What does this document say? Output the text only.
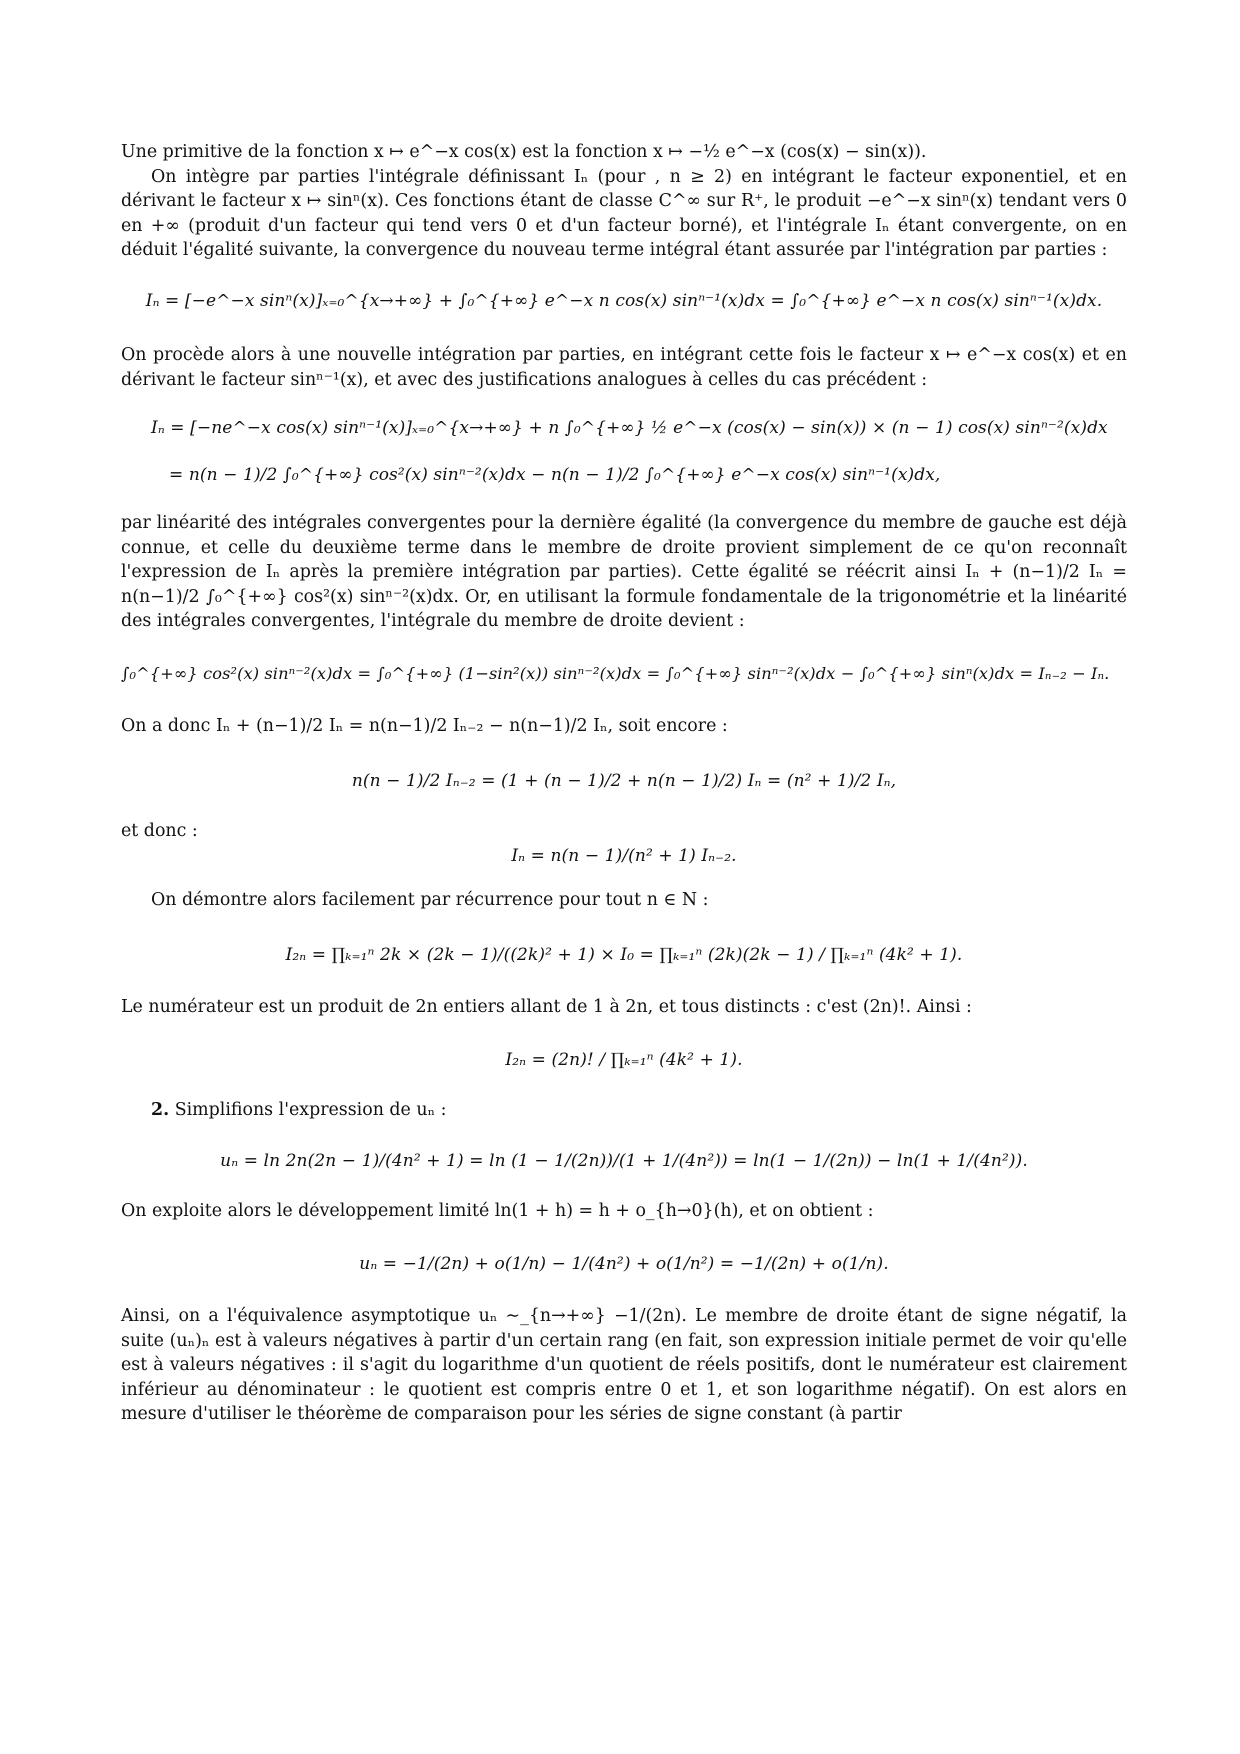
Une primitive de la fonction x ↦ e^−x cos(x) est la fonction x ↦ −½ e^−x (cos(x) − sin(x)).

On intègre par parties l'intégrale définissant Iₙ (pour , n ≥ 2) en intégrant le facteur exponentiel, et en dérivant le facteur x ↦ sinⁿ(x). Ces fonctions étant de classe C^∞ sur R⁺, le produit −e^−x sinⁿ(x) tendant vers 0 en +∞ (produit d'un facteur qui tend vers 0 et d'un facteur borné), et l'intégrale Iₙ étant convergente, on en déduit l'égalité suivante, la convergence du nouveau terme intégral étant assurée par l'intégration par parties :

Iₙ = [−e^−x sinⁿ(x)]ₓ₌₀^{x→+∞} + ∫₀^{+∞} e^−x n cos(x) sinⁿ⁻¹(x)dx = ∫₀^{+∞} e^−x n cos(x) sinⁿ⁻¹(x)dx.

On procède alors à une nouvelle intégration par parties, en intégrant cette fois le facteur x ↦ e^−x cos(x) et en dérivant le facteur sinⁿ⁻¹(x), et avec des justifications analogues à celles du cas précédent :

Iₙ = [−ne^−x cos(x) sinⁿ⁻¹(x)]ₓ₌₀^{x→+∞} + n ∫₀^{+∞} ½ e^−x (cos(x) − sin(x)) × (n − 1) cos(x) sinⁿ⁻²(x)dx
= n(n − 1)/2 ∫₀^{+∞} cos²(x) sinⁿ⁻²(x)dx − n(n − 1)/2 ∫₀^{+∞} e^−x cos(x) sinⁿ⁻¹(x)dx,

par linéarité des intégrales convergentes pour la dernière égalité (la convergence du membre de gauche est déjà connue, et celle du deuxième terme dans le membre de droite provient simplement de ce qu'on reconnaît l'expression de Iₙ après la première intégration par parties). Cette égalité se réécrit ainsi Iₙ + (n−1)/2 Iₙ = n(n−1)/2 ∫₀^{+∞} cos²(x) sinⁿ⁻²(x)dx. Or, en utilisant la formule fondamentale de la trigonométrie et la linéarité des intégrales convergentes, l'intégrale du membre de droite devient :

∫₀^{+∞} cos²(x) sinⁿ⁻²(x)dx = ∫₀^{+∞} (1−sin²(x)) sinⁿ⁻²(x)dx = ∫₀^{+∞} sinⁿ⁻²(x)dx − ∫₀^{+∞} sinⁿ(x)dx = Iₙ₋₂ − Iₙ.

On a donc Iₙ + (n−1)/2 Iₙ = n(n−1)/2 Iₙ₋₂ − n(n−1)/2 Iₙ, soit encore :

n(n − 1)/2 Iₙ₋₂ = (1 + (n − 1)/2 + n(n − 1)/2) Iₙ = (n² + 1)/2 Iₙ,

et donc :

Iₙ = n(n − 1)/(n² + 1) Iₙ₋₂.

On démontre alors facilement par récurrence pour tout n ∈ N :

I₂ₙ = ∏ₖ₌₁ⁿ 2k × (2k − 1)/((2k)² + 1) × I₀ = ∏ₖ₌₁ⁿ (2k)(2k − 1) / ∏ₖ₌₁ⁿ (4k² + 1).

Le numérateur est un produit de 2n entiers allant de 1 à 2n, et tous distincts : c'est (2n)!. Ainsi :

I₂ₙ = (2n)! / ∏ₖ₌₁ⁿ (4k² + 1).

2. Simplifions l'expression de uₙ :

uₙ = ln 2n(2n − 1)/(4n² + 1) = ln (1 − 1/(2n))/(1 + 1/(4n²)) = ln(1 − 1/(2n)) − ln(1 + 1/(4n²)).

On exploite alors le développement limité ln(1 + h) = h + o_{h→0}(h), et on obtient :

uₙ = −1/(2n) + o(1/n) − 1/(4n²) + o(1/n²) = −1/(2n) + o(1/n).

Ainsi, on a l'équivalence asymptotique uₙ ∼_{n→+∞} −1/(2n). Le membre de droite étant de signe négatif, la suite (uₙ)ₙ est à valeurs négatives à partir d'un certain rang (en fait, son expression initiale permet de voir qu'elle est à valeurs négatives : il s'agit du logarithme d'un quotient de réels positifs, dont le numérateur est clairement inférieur au dénominateur : le quotient est compris entre 0 et 1, et son logarithme négatif). On est alors en mesure d'utiliser le théorème de comparaison pour les séries de signe constant (à partir
